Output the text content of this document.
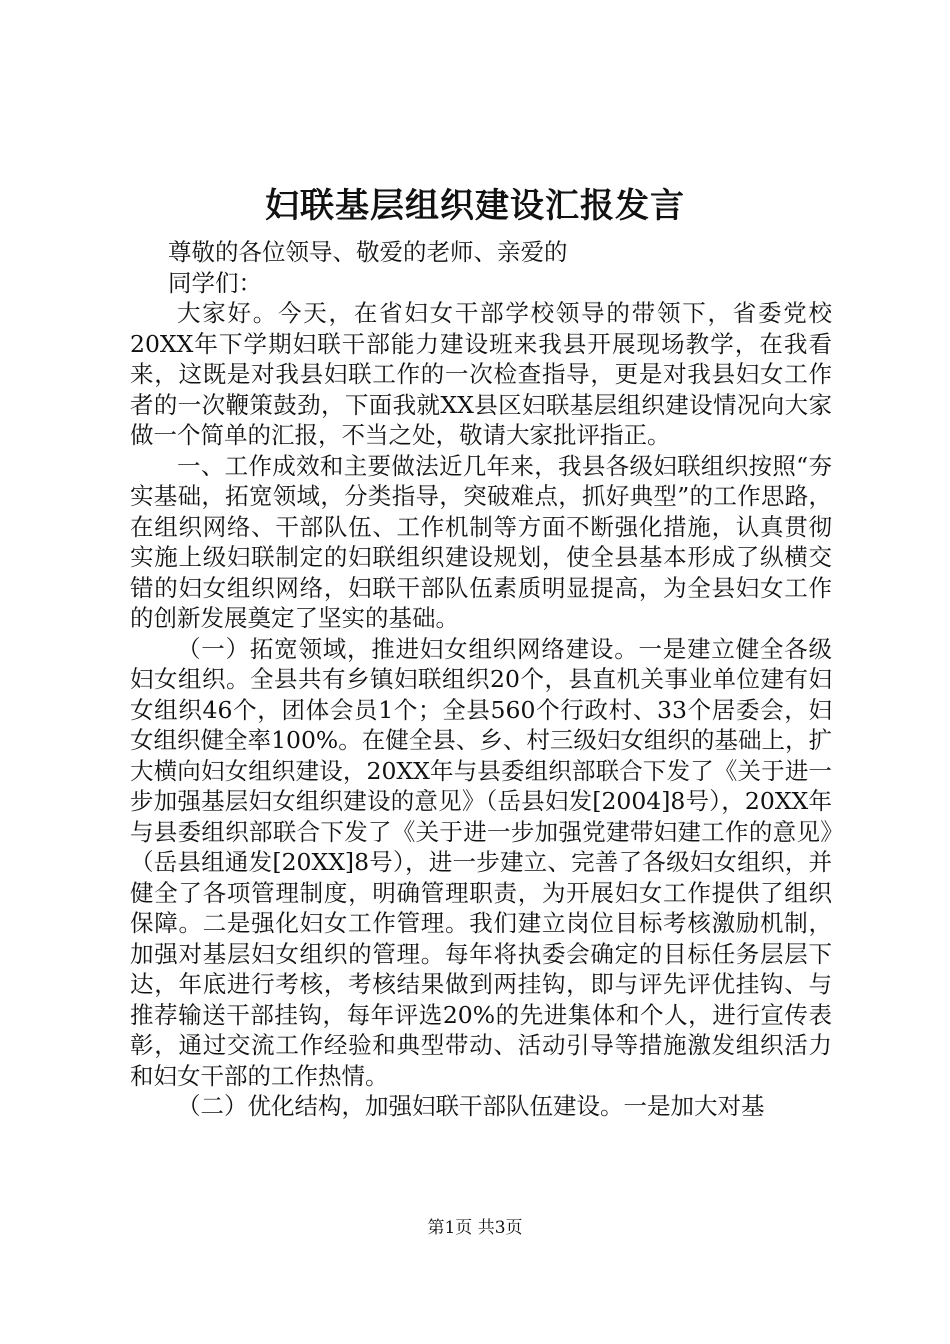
妇联基层组织建设汇报发言

尊敬的各位领导、敬爱的老师、亲爱的

同学们：

大家好。今天，在省妇女干部学校领导的带领下，省委党校20XX年下学期妇联干部能力建设班来我县开展现场教学，在我看来，这既是对我县妇联工作的一次检查指导，更是对我县妇女工作者的一次鞭策鼓劲，下面我就XX县区妇联基层组织建设情况向大家做一个简单的汇报，不当之处，敬请大家批评指正。

一、工作成效和主要做法近几年来，我县各级妇联组织按照“夯实基础，拓宽领域，分类指导，突破难点，抓好典型”的工作思路，在组织网络、干部队伍、工作机制等方面不断强化措施，认真贯彻实施上级妇联制定的妇联组织建设规划，使全县基本形成了纵横交错的妇女组织网络，妇联干部队伍素质明显提高，为全县妇女工作的创新发展奠定了坚实的基础。

（一）拓宽领域，推进妇女组织网络建设。一是建立健全各级妇女组织。全县共有乡镇妇联组织20个，县直机关事业单位建有妇女组织46个，团体会员1个；全县560个行政村、33个居委会，妇女组织健全率100%。在健全县、乡、村三级妇女组织的基础上，扩大横向妇女组织建设，20XX年与县委组织部联合下发了《关于进一步加强基层妇女组织建设的意见》（岳县妇发[2004]8号），20XX年与县委组织部联合下发了《关于进一步加强党建带妇建工作的意见》（岳县组通发[20XX]8号），进一步建立、完善了各级妇女组织，并健全了各项管理制度，明确管理职责，为开展妇女工作提供了组织保障。二是强化妇女工作管理。我们建立岗位目标考核激励机制，加强对基层妇女组织的管理。每年将执委会确定的目标任务层层下达，年底进行考核，考核结果做到两挂钩，即与评先评优挂钩、与推荐输送干部挂钩，每年评选20%的先进集体和个人，进行宣传表彰，通过交流工作经验和典型带动、活动引导等措施激发组织活力和妇女干部的工作热情。

（二）优化结构，加强妇联干部队伍建设。一是加大对基

第1页 共3页
